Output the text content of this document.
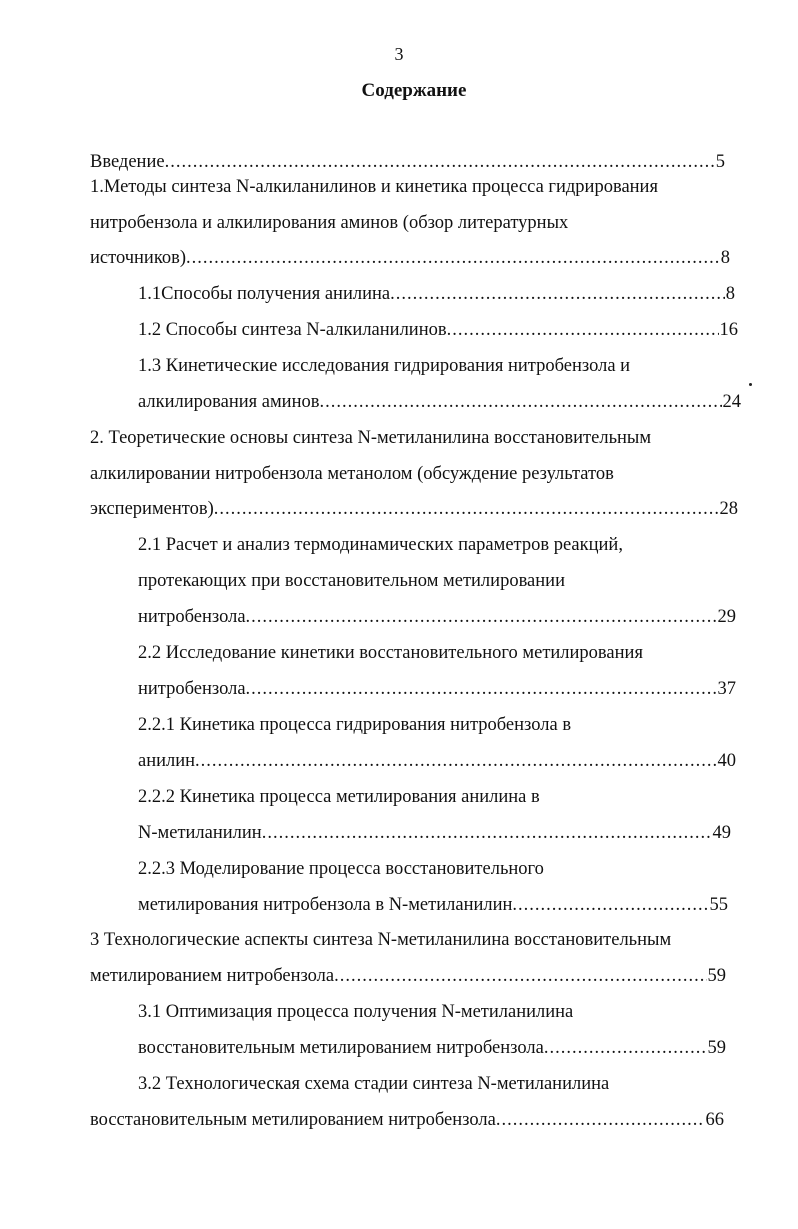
3
Содержание
Введение .....	5
1.Методы синтеза N-алкиланилинов и кинетика процесса гидрирования
нитробензола и алкилирования аминов (обзор литературных
источников) .....	8
1.1Способы получения анилина .....	8
1.2 Способы синтеза N-алкиланилинов .....	16
1.3 Кинетические исследования гидрирования нитробензола и
алкилирования аминов .....	24
2. Теоретические основы синтеза N-метиланилина восстановительным
алкилировании нитробензола метанолом (обсуждение результатов
экспериментов) .....	28
2.1 Расчет и анализ термодинамических параметров реакций,
протекающих при восстановительном метилировании
нитробензола .....	29
2.2 Исследование кинетики восстановительного метилирования
нитробензола .....	37
2.2.1 Кинетика процесса гидрирования нитробензола в
анилин .....	40
2.2.2 Кинетика процесса метилирования анилина в
N-метиланилин .....	49
2.2.3 Моделирование процесса восстановительного
метилирования нитробензола в N-метиланилин .....	55
3 Технологические аспекты синтеза N-метиланилина восстановительным
метилированием нитробензола .....	59
3.1 Оптимизация процесса получения N-метиланилина
восстановительным метилированием нитробензола .....	59
3.2 Технологическая схема стадии синтеза N-метиланилина
восстановительным метилированием нитробензола .....	66
